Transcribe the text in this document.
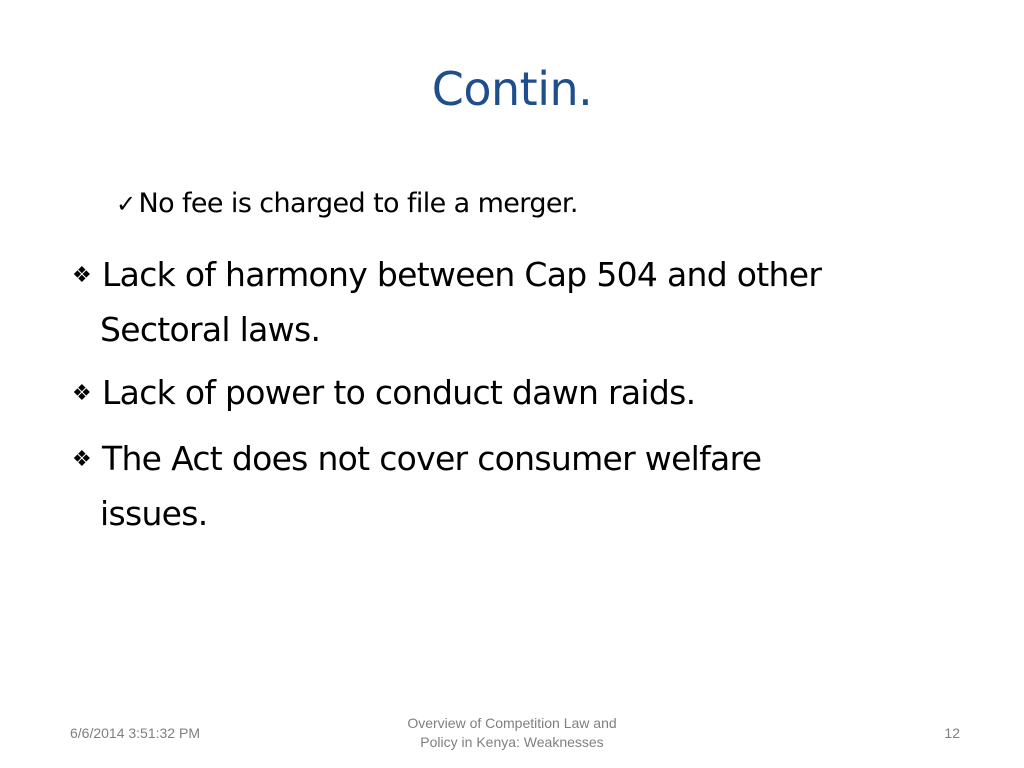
Contin.
✓ No fee is charged to file a merger.
❖ Lack of harmony between Cap 504 and other
Sectoral laws.
❖ Lack of power to conduct dawn raids.
❖ The Act does not cover consumer welfare
issues.
6/6/2014 3:51:32 PM
Overview of Competition Law and
Policy in Kenya: Weaknesses
12
